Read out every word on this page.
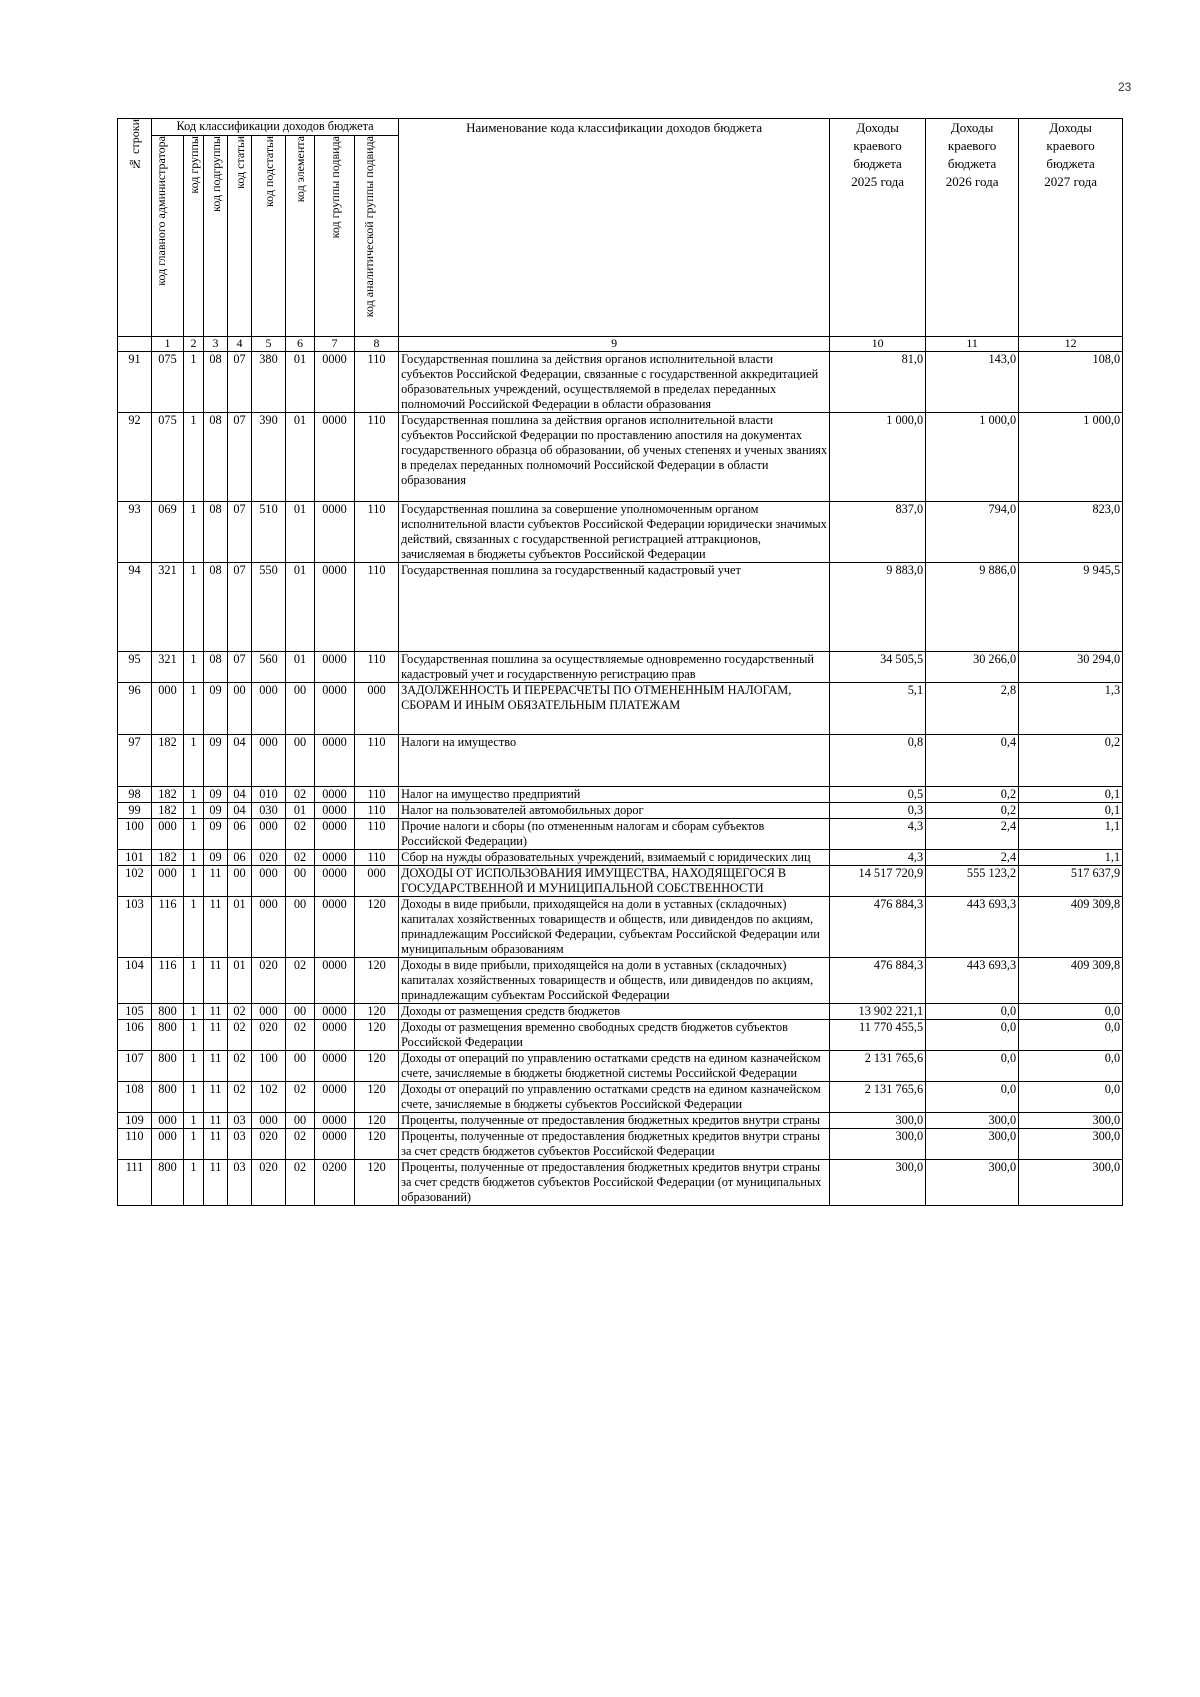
23
№ строки	Код классификации доходов бюджета								Наименование кода классификации доходов бюджета	Доходы краевого бюджета 2025 года	Доходы краевого бюджета 2026 года	Доходы краевого бюджета 2027 года

	код главного администратора	код группы	код подгруппы	код статьи	код подстатьи	код элемента	код группы подвида	код аналитической группы подвида				

	1	2	3	4	5	6	7	8	9	10	11	12
91	075	1	08	07	380	01	0000	110	Государственная пошлина за действия органов исполнительной власти субъектов Российской Федерации, связанные с государственной аккредитацией образовательных учреждений, осуществляемой в пределах переданных полномочий Российской Федерации в области образования	81,0	143,0	108,0
92	075	1	08	07	390	01	0000	110	Государственная пошлина за действия органов исполнительной власти субъектов Российской Федерации по проставлению апостиля на документах государственного образца об образовании, об ученых степенях и ученых званиях в пределах переданных полномочий Российской Федерации в области образования	1 000,0	1 000,0	1 000,0
93	069	1	08	07	510	01	0000	110	Государственная пошлина за совершение уполномоченным органом исполнительной власти субъектов Российской Федерации юридически значимых действий, связанных с государственной регистрацией аттракционов, зачисляемая в бюджеты субъектов Российской Федерации	837,0	794,0	823,0
94	321	1	08	07	550	01	0000	110	Государственная пошлина за государственный кадастровый учет	9 883,0	9 886,0	9 945,5
95	321	1	08	07	560	01	0000	110	Государственная пошлина за осуществляемые одновременно государственный кадастровый учет и государственную регистрацию прав	34 505,5	30 266,0	30 294,0
96	000	1	09	00	000	00	0000	000	ЗАДОЛЖЕННОСТЬ И ПЕРЕРАСЧЕТЫ ПО ОТМЕНЕННЫМ НАЛОГАМ, СБОРАМ И ИНЫМ ОБЯЗАТЕЛЬНЫМ ПЛАТЕЖАМ	5,1	2,8	1,3
97	182	1	09	04	000	00	0000	110	Налоги на имущество	0,8	0,4	0,2
98	182	1	09	04	010	02	0000	110	Налог на имущество предприятий	0,5	0,2	0,1
99	182	1	09	04	030	01	0000	110	Налог на пользователей автомобильных дорог	0,3	0,2	0,1
100	000	1	09	06	000	02	0000	110	Прочие налоги и сборы (по отмененным налогам и сборам субъектов Российской Федерации)	4,3	2,4	1,1
101	182	1	09	06	020	02	0000	110	Сбор на нужды образовательных учреждений, взимаемый с юридических лиц	4,3	2,4	1,1
102	000	1	11	00	000	00	0000	000	ДОХОДЫ ОТ ИСПОЛЬЗОВАНИЯ ИМУЩЕСТВА, НАХОДЯЩЕГОСЯ В ГОСУДАРСТВЕННОЙ И МУНИЦИПАЛЬНОЙ СОБСТВЕННОСТИ	14 517 720,9	555 123,2	517 637,9
103	116	1	11	01	000	00	0000	120	Доходы в виде прибыли, приходящейся на доли в уставных (складочных) капиталах хозяйственных товариществ и обществ, или дивидендов по акциям, принадлежащим Российской Федерации, субъектам Российской Федерации или муниципальным образованиям	476 884,3	443 693,3	409 309,8
104	116	1	11	01	020	02	0000	120	Доходы в виде прибыли, приходящейся на доли в уставных (складочных) капиталах хозяйственных товариществ и обществ, или дивидендов по акциям, принадлежащим субъектам Российской Федерации	476 884,3	443 693,3	409 309,8
105	800	1	11	02	000	00	0000	120	Доходы от размещения средств бюджетов	13 902 221,1	0,0	0,0
106	800	1	11	02	020	02	0000	120	Доходы от размещения временно свободных средств бюджетов субъектов Российской Федерации	11 770 455,5	0,0	0,0
107	800	1	11	02	100	00	0000	120	Доходы от операций по управлению остатками средств на едином казначейском счете, зачисляемые в бюджеты бюджетной системы Российской Федерации	2 131 765,6	0,0	0,0
108	800	1	11	02	102	02	0000	120	Доходы от операций по управлению остатками средств на едином казначейском счете, зачисляемые в бюджеты субъектов Российской Федерации	2 131 765,6	0,0	0,0
109	000	1	11	03	000	00	0000	120	Проценты, полученные от предоставления бюджетных кредитов внутри страны	300,0	300,0	300,0
110	000	1	11	03	020	02	0000	120	Проценты, полученные от предоставления бюджетных кредитов внутри страны за счет средств бюджетов субъектов Российской Федерации	300,0	300,0	300,0
111	800	1	11	03	020	02	0200	120	Проценты, полученные от предоставления бюджетных кредитов внутри страны за счет средств бюджетов субъектов Российской Федерации (от муниципальных образований)	300,0	300,0	300,0
